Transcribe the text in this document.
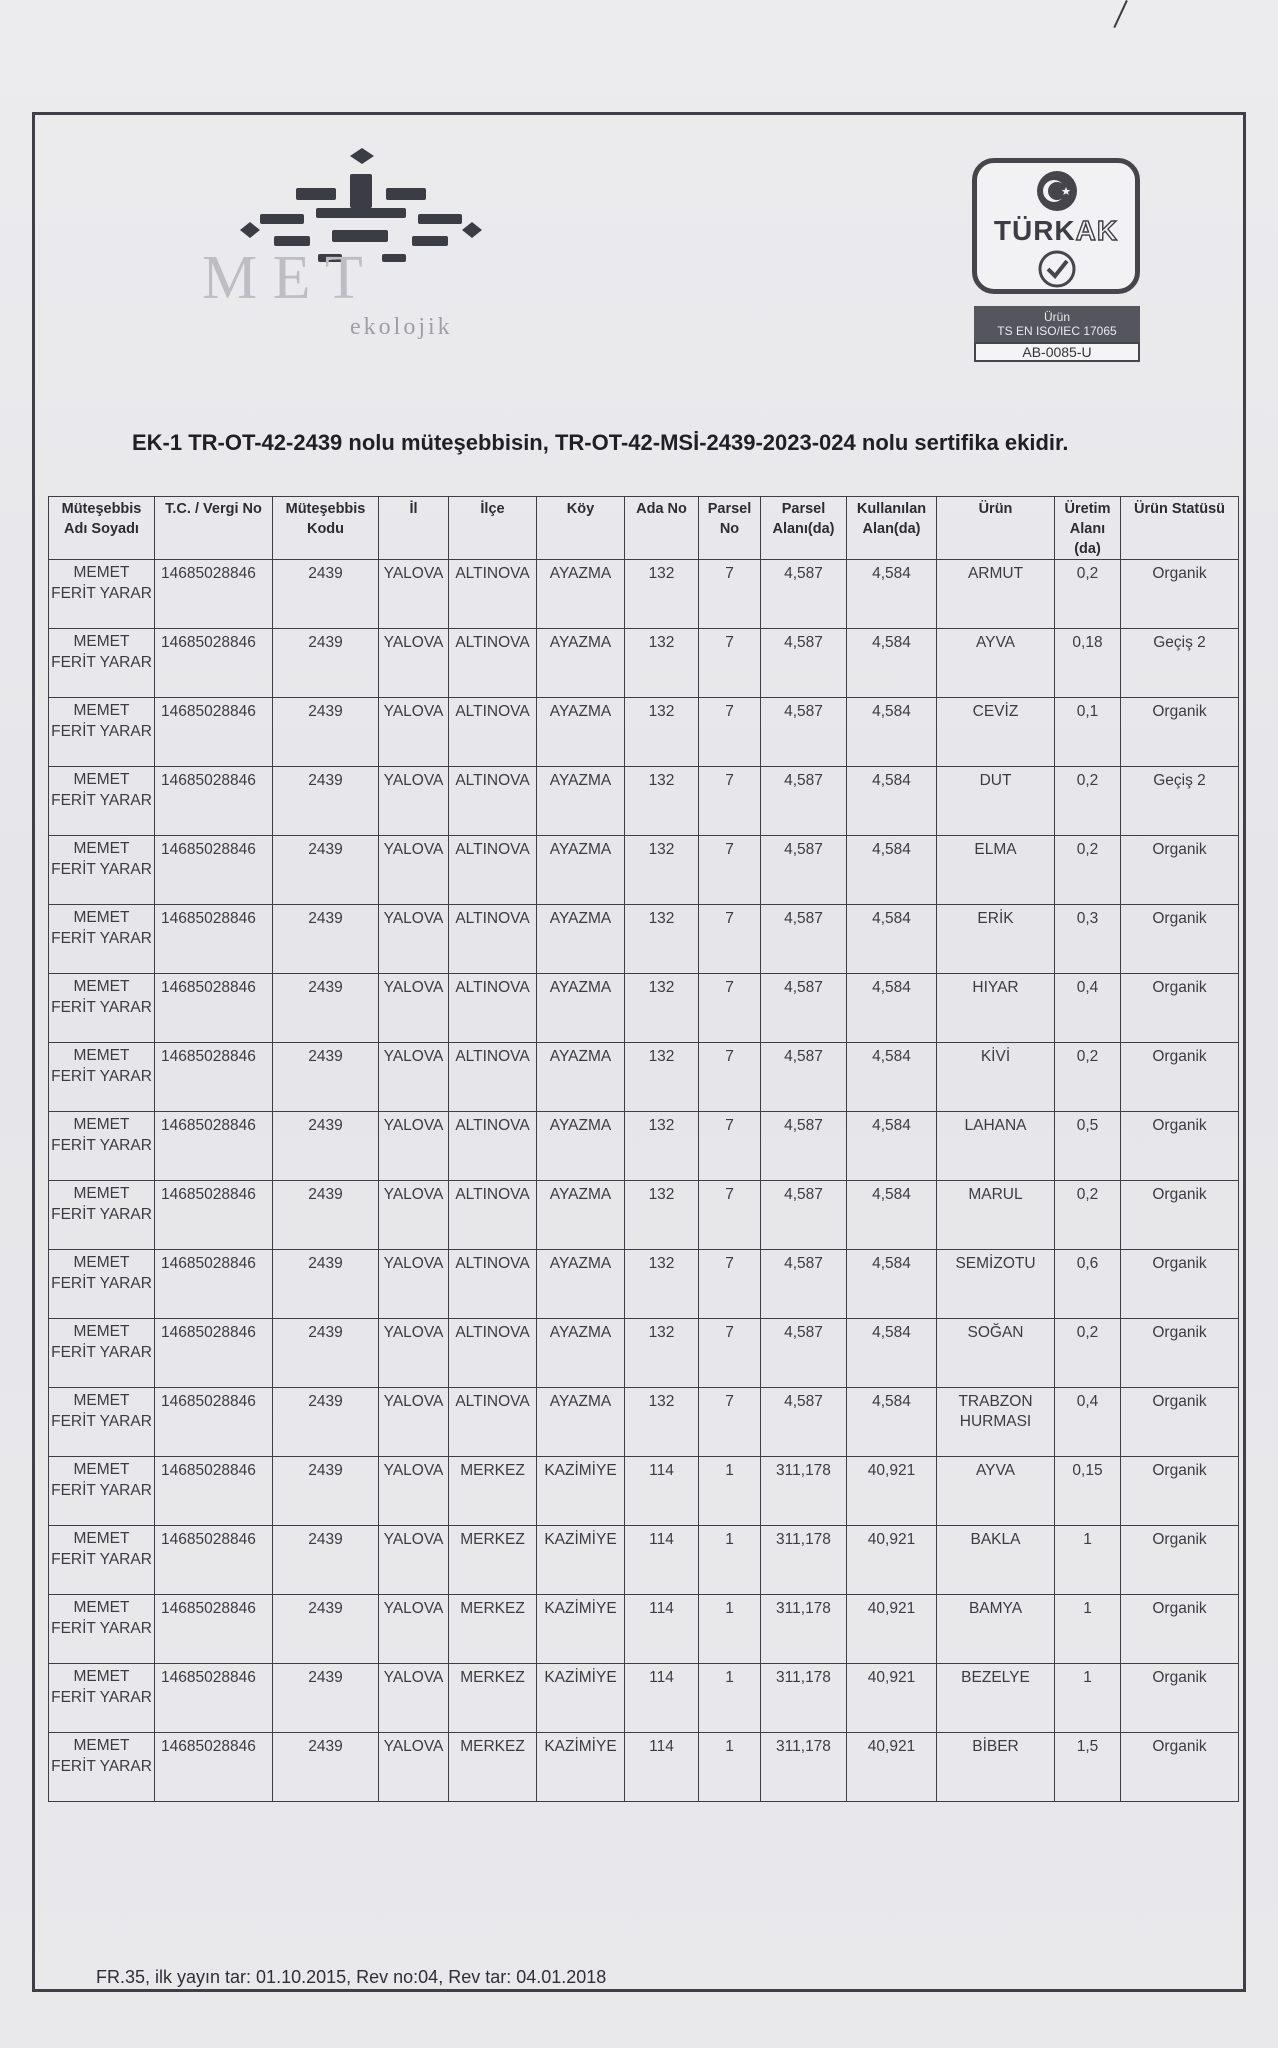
M E T
ekolojik
TÜRKAK
Ürün
TS EN ISO/IEC 17065
AB-0085-U
EK-1 TR-OT-42-2439 nolu müteşebbisin, TR-OT-42-MSİ-2439-2023-024 nolu sertifika ekidir.
Müteşebbis Adı Soyadı	T.C. / Vergi No	Müteşebbis Kodu	İl	İlçe	Köy	Ada No	Parsel No	Parsel Alanı(da)	Kullanılan Alan(da)	Ürün	Üretim Alanı (da)	Ürün Statüsü
MEMET FERİT YARAR	14685028846	2439	YALOVA	ALTINOVA	AYAZMA	132	7	4,587	4,584	ARMUT	0,2	Organik
MEMET FERİT YARAR	14685028846	2439	YALOVA	ALTINOVA	AYAZMA	132	7	4,587	4,584	AYVA	0,18	Geçiş 2
MEMET FERİT YARAR	14685028846	2439	YALOVA	ALTINOVA	AYAZMA	132	7	4,587	4,584	CEVİZ	0,1	Organik
MEMET FERİT YARAR	14685028846	2439	YALOVA	ALTINOVA	AYAZMA	132	7	4,587	4,584	DUT	0,2	Geçiş 2
MEMET FERİT YARAR	14685028846	2439	YALOVA	ALTINOVA	AYAZMA	132	7	4,587	4,584	ELMA	0,2	Organik
MEMET FERİT YARAR	14685028846	2439	YALOVA	ALTINOVA	AYAZMA	132	7	4,587	4,584	ERİK	0,3	Organik
MEMET FERİT YARAR	14685028846	2439	YALOVA	ALTINOVA	AYAZMA	132	7	4,587	4,584	HIYAR	0,4	Organik
MEMET FERİT YARAR	14685028846	2439	YALOVA	ALTINOVA	AYAZMA	132	7	4,587	4,584	KİVİ	0,2	Organik
MEMET FERİT YARAR	14685028846	2439	YALOVA	ALTINOVA	AYAZMA	132	7	4,587	4,584	LAHANA	0,5	Organik
MEMET FERİT YARAR	14685028846	2439	YALOVA	ALTINOVA	AYAZMA	132	7	4,587	4,584	MARUL	0,2	Organik
MEMET FERİT YARAR	14685028846	2439	YALOVA	ALTINOVA	AYAZMA	132	7	4,587	4,584	SEMİZOTU	0,6	Organik
MEMET FERİT YARAR	14685028846	2439	YALOVA	ALTINOVA	AYAZMA	132	7	4,587	4,584	SOĞAN	0,2	Organik
MEMET FERİT YARAR	14685028846	2439	YALOVA	ALTINOVA	AYAZMA	132	7	4,587	4,584	TRABZON HURMASI	0,4	Organik
MEMET FERİT YARAR	14685028846	2439	YALOVA	MERKEZ	KAZİMİYE	114	1	311,178	40,921	AYVA	0,15	Organik
MEMET FERİT YARAR	14685028846	2439	YALOVA	MERKEZ	KAZİMİYE	114	1	311,178	40,921	BAKLA	1	Organik
MEMET FERİT YARAR	14685028846	2439	YALOVA	MERKEZ	KAZİMİYE	114	1	311,178	40,921	BAMYA	1	Organik
MEMET FERİT YARAR	14685028846	2439	YALOVA	MERKEZ	KAZİMİYE	114	1	311,178	40,921	BEZELYE	1	Organik
MEMET FERİT YARAR	14685028846	2439	YALOVA	MERKEZ	KAZİMİYE	114	1	311,178	40,921	BİBER	1,5	Organik
FR.35, ilk yayın tar: 01.10.2015, Rev no:04, Rev tar: 04.01.2018
